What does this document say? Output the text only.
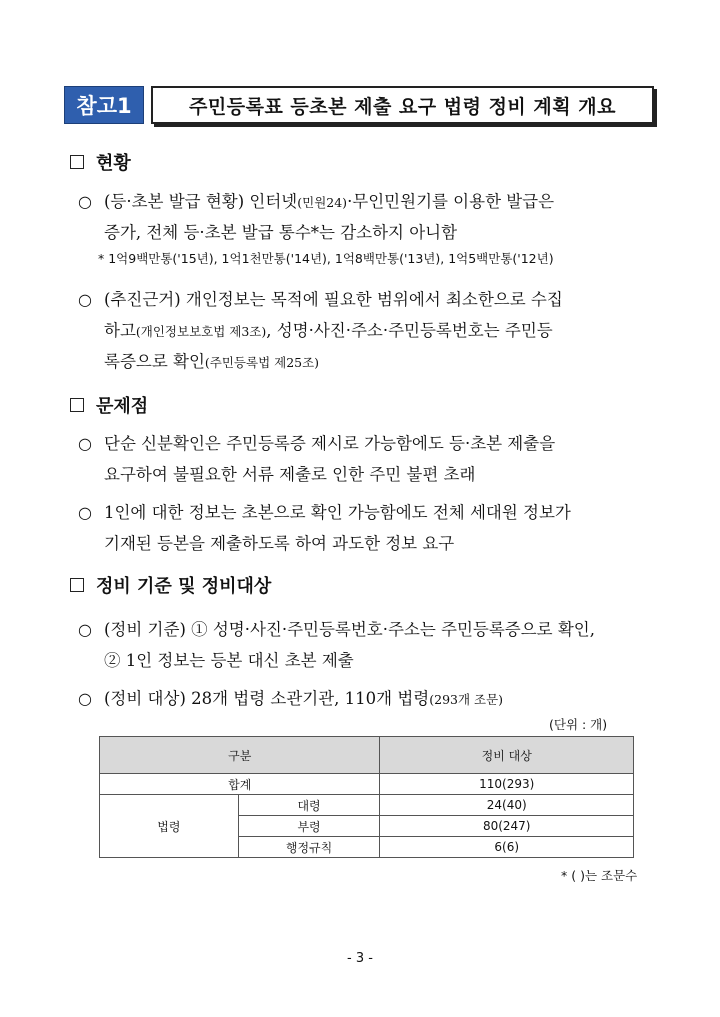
참고1	주민등록표 등초본 제출 요구 법령 정비 계획 개요
현황
○ (등·초본 발급 현황) 인터넷(민원24)·무인민원기를 이용한 발급은
증가, 전체 등·초본 발급 통수*는 감소하지 아니함
* 1억9백만통('15년), 1억1천만통('14년), 1억8백만통('13년), 1억5백만통('12년)
○ (추진근거) 개인정보는 목적에 필요한 범위에서 최소한으로 수집
하고(개인정보보호법 제3조), 성명·사진·주소·주민등록번호는 주민등
록증으로 확인(주민등록법 제25조)
문제점
○ 단순 신분확인은 주민등록증 제시로 가능함에도 등·초본 제출을
요구하여 불필요한 서류 제출로 인한 주민 불편 초래
○ 1인에 대한 정보는 초본으로 확인 가능함에도 전체 세대원 정보가
기재된 등본을 제출하도록 하여 과도한 정보 요구
정비 기준 및 정비대상
○ (정비 기준) ① 성명·사진·주민등록번호·주소는 주민등록증으로 확인,
② 1인 정보는 등본 대신 초본 제출
○ (정비 대상) 28개 법령 소관기관, 110개 법령(293개 조문)
(단위 : 개)
구분		정비 대상
합계		110(293)
법령	대령	24(40)
	부령	80(247)
	행정규칙	6(6)
* ( )는 조문수
- 3 -
